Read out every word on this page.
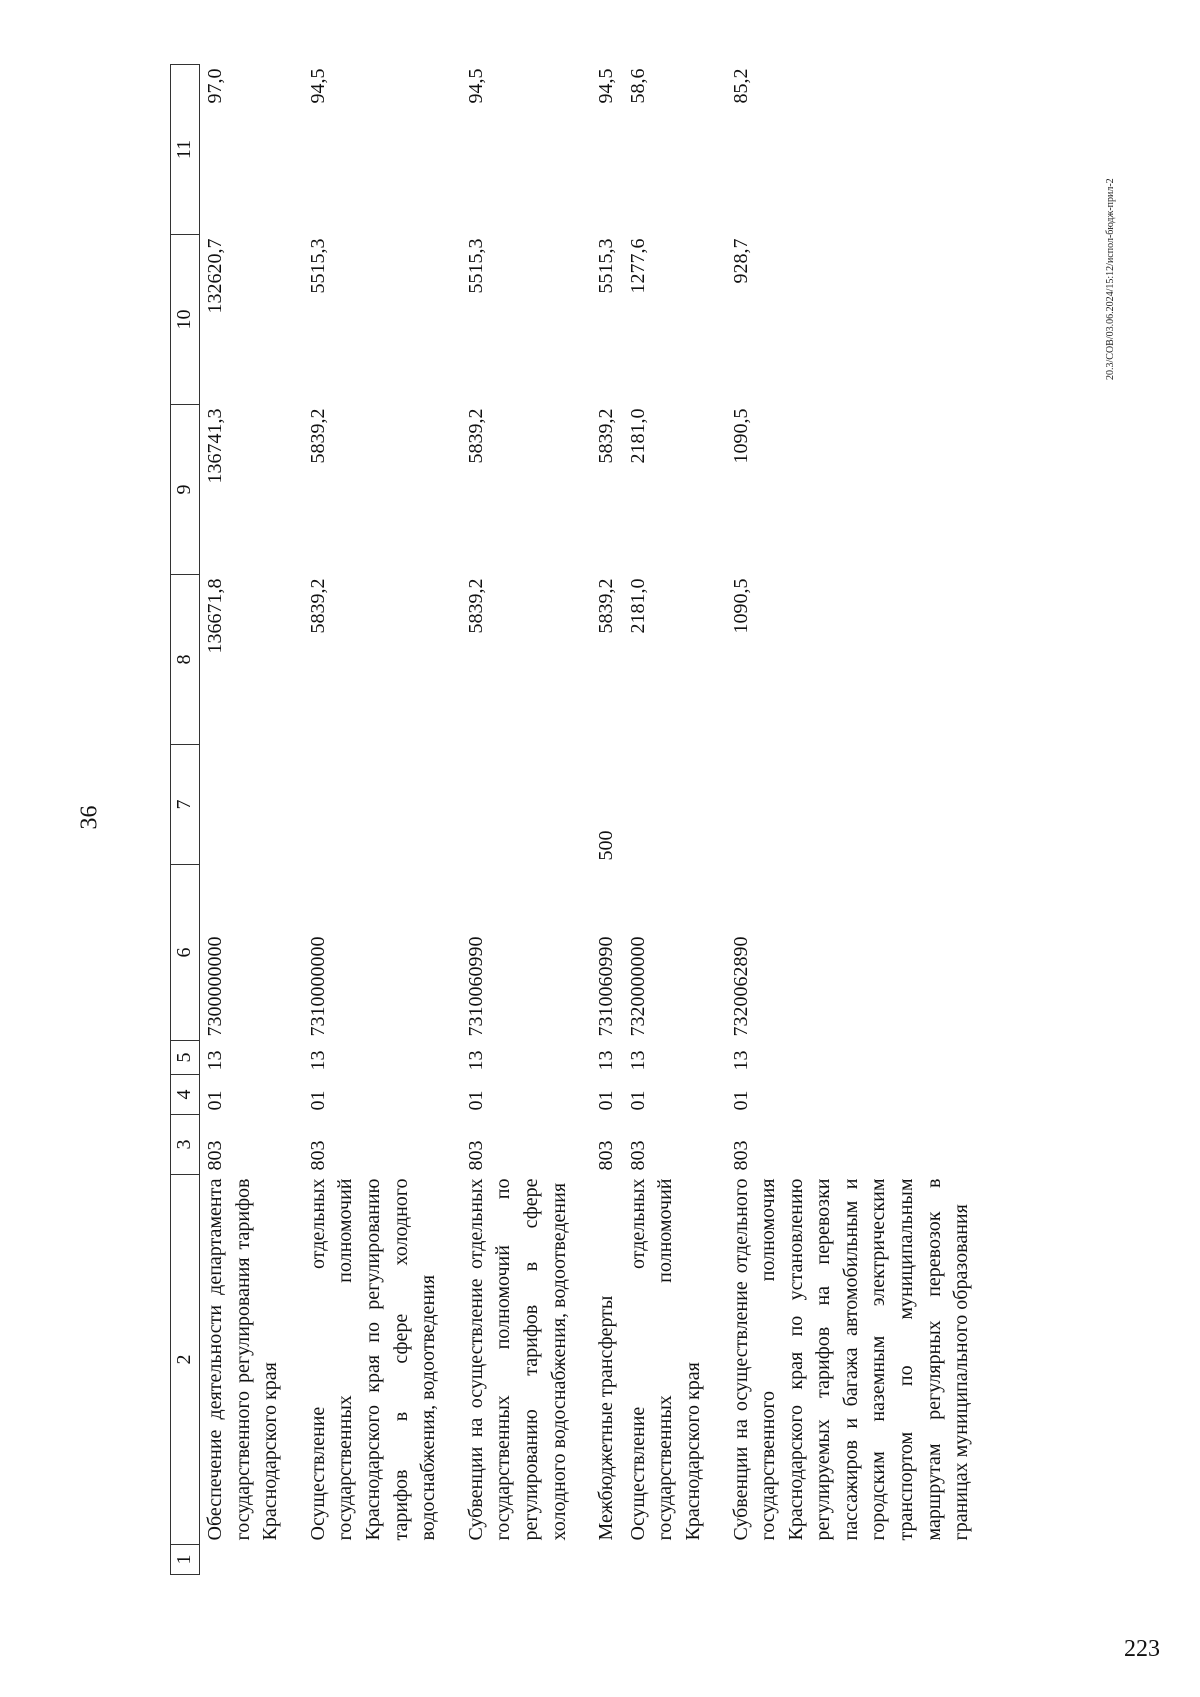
36
20.3/СОВ/03.06.2024/15:12/испол-бюдж-прил-2
223
1	2	3	4	5	6	7	8	9	10	11
	Обеспечение деятельности департамента государственного регулирования тарифов Краснодарского края	803	01	13	7300000000		136671,8	136741,3	132620,7	97,0
	Осуществление отдельных государственных полномочий Краснодарского края по регулированию тарифов в сфере холодного водоснабжения, водоотведения	803	01	13	7310000000		5839,2	5839,2	5515,3	94,5
	Субвенции на осуществление отдельных государственных полномочий по регулированию тарифов в сфере холодного водоснабжения, водоотведения	803	01	13	7310060990		5839,2	5839,2	5515,3	94,5
	Межбюджетные трансферты	803	01	13	7310060990	500	5839,2	5839,2	5515,3	94,5
	Осуществление отдельных государственных полномочий Краснодарского края	803	01	13	7320000000		2181,0	2181,0	1277,6	58,6
	Субвенции на осуществление отдельного государственного полномочия Краснодарского края по установлению регулируемых тарифов на перевозки пассажиров и багажа автомобильным и городским наземным электрическим транспортом по муниципальным маршрутам регулярных перевозок в границах муниципального образования	803	01	13	7320062890		1090,5	1090,5	928,7	85,2
